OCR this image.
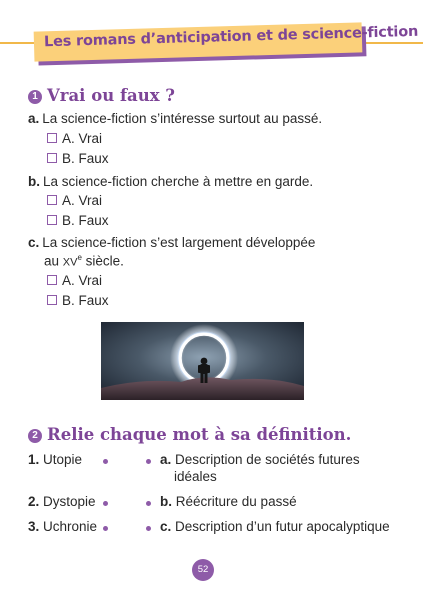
Les romans d’anticipation et de science-fiction
1 Vrai ou faux ?
a. La science-fiction s’intéresse surtout au passé.
A. Vrai
B. Faux
b. La science-fiction cherche à mettre en garde.
A. Vrai
B. Faux
c. La science-fiction s’est largement développée
au XVe siècle.
A. Vrai
B. Faux
2 Relie chaque mot à sa définition.
1. Utopie
2. Dystopie
3. Uchronie
a. Description de sociétés futures
idéales
b. Réécriture du passé
c. Description d’un futur apocalyptique
52
